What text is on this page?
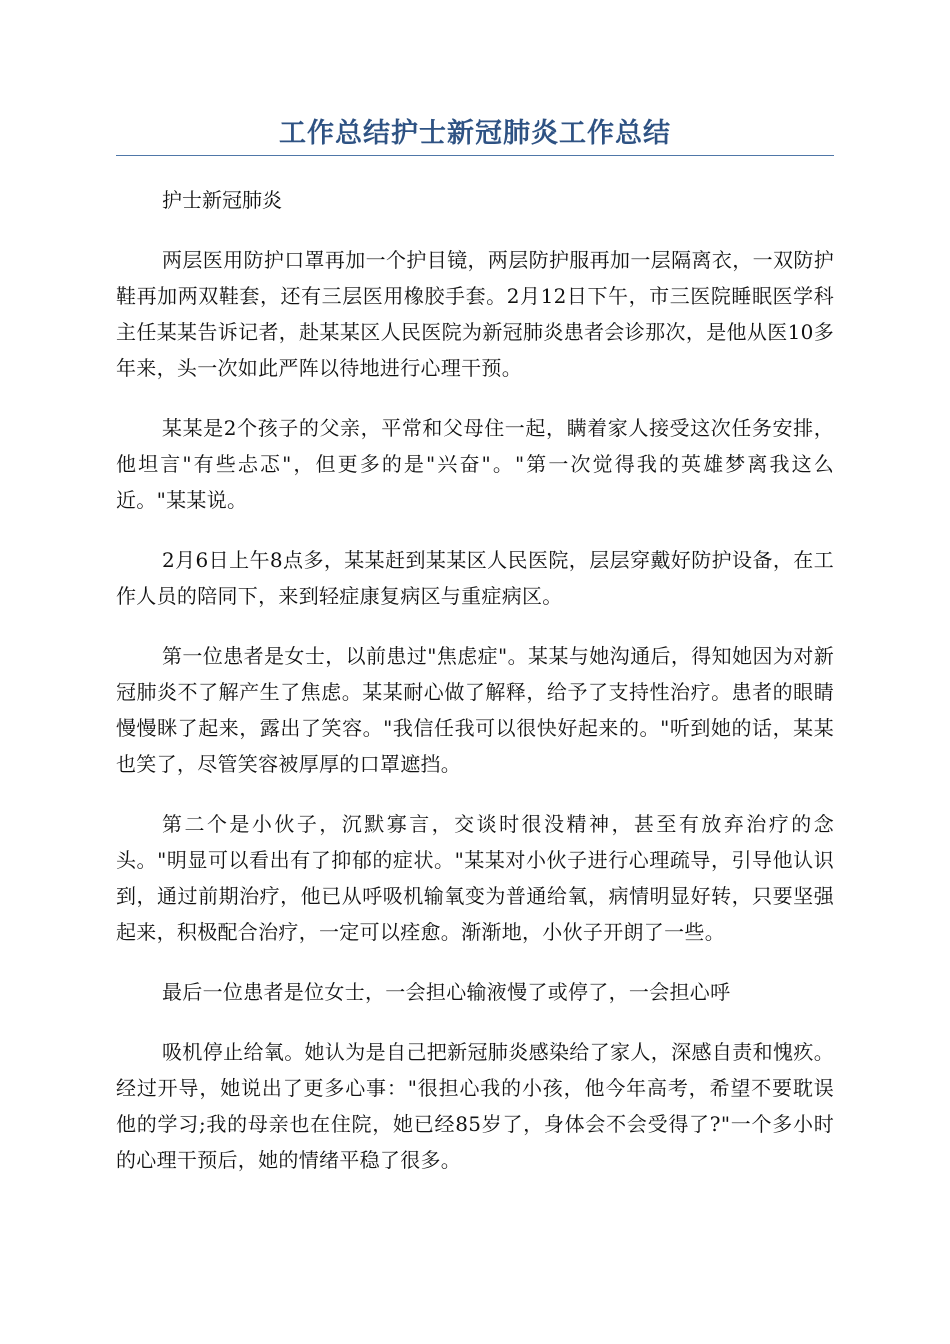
工作总结护士新冠肺炎工作总结

护士新冠肺炎

两层医用防护口罩再加一个护目镜，两层防护服再加一层隔离衣，一双防护鞋再加两双鞋套，还有三层医用橡胶手套。2月12日下午，市三医院睡眠医学科主任某某告诉记者，赴某某区人民医院为新冠肺炎患者会诊那次，是他从医10多年来，头一次如此严阵以待地进行心理干预。

某某是2个孩子的父亲，平常和父母住一起，瞒着家人接受这次任务安排，他坦言"有些忐忑"，但更多的是"兴奋"。"第一次觉得我的英雄梦离我这么近。"某某说。

2月6日上午8点多，某某赶到某某区人民医院，层层穿戴好防护设备，在工作人员的陪同下，来到轻症康复病区与重症病区。

第一位患者是女士，以前患过"焦虑症"。某某与她沟通后，得知她因为对新冠肺炎不了解产生了焦虑。某某耐心做了解释，给予了支持性治疗。患者的眼睛慢慢眯了起来，露出了笑容。"我信任我可以很快好起来的。"听到她的话，某某也笑了，尽管笑容被厚厚的口罩遮挡。

第二个是小伙子，沉默寡言，交谈时很没精神，甚至有放弃治疗的念头。"明显可以看出有了抑郁的症状。"某某对小伙子进行心理疏导，引导他认识到，通过前期治疗，他已从呼吸机输氧变为普通给氧，病情明显好转，只要坚强起来，积极配合治疗，一定可以痊愈。渐渐地，小伙子开朗了一些。

最后一位患者是位女士，一会担心输液慢了或停了，一会担心呼

吸机停止给氧。她认为是自己把新冠肺炎感染给了家人，深感自责和愧疚。经过开导，她说出了更多心事："很担心我的小孩，他今年高考，希望不要耽误他的学习;我的母亲也在住院，她已经85岁了，身体会不会受得了?"一个多小时的心理干预后，她的情绪平稳了很多。
